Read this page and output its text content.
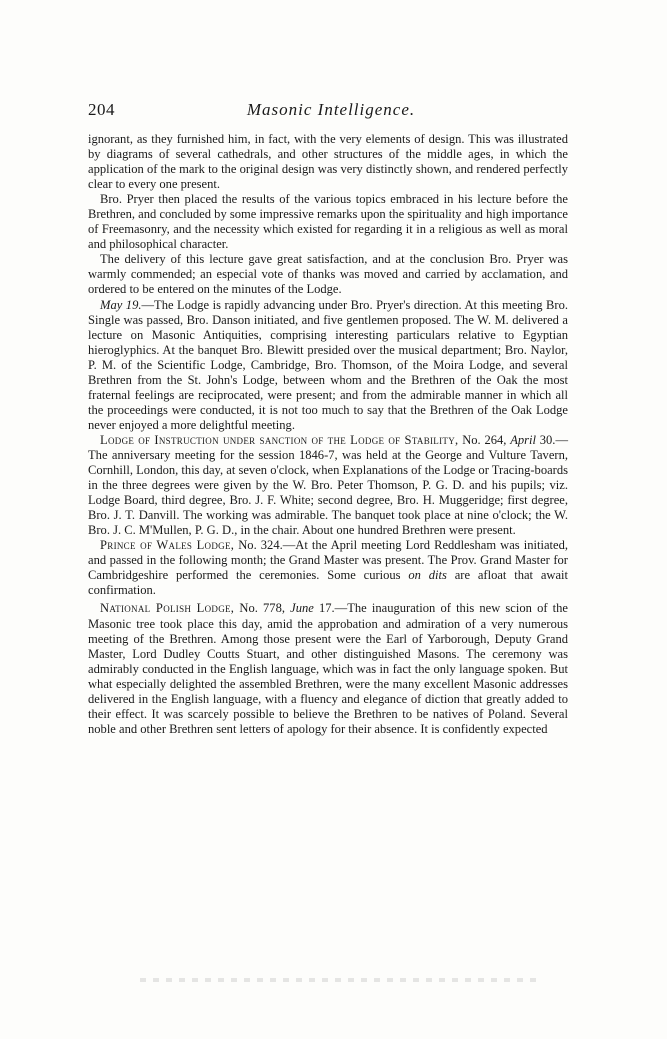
204	Masonic Intelligence.

ignorant, as they furnished him, in fact, with the very elements of design. This was illustrated by diagrams of several cathedrals, and other structures of the middle ages, in which the application of the mark to the original design was very distinctly shown, and rendered perfectly clear to every one present.

Bro. Pryer then placed the results of the various topics embraced in his lecture before the Brethren, and concluded by some impressive remarks upon the spirituality and high importance of Freemasonry, and the necessity which existed for regarding it in a religious as well as moral and philosophical character.

The delivery of this lecture gave great satisfaction, and at the conclusion Bro. Pryer was warmly commended; an especial vote of thanks was moved and carried by acclamation, and ordered to be entered on the minutes of the Lodge.

May 19.—The Lodge is rapidly advancing under Bro. Pryer's direction. At this meeting Bro. Single was passed, Bro. Danson initiated, and five gentlemen proposed. The W. M. delivered a lecture on Masonic Antiquities, comprising interesting particulars relative to Egyptian hieroglyphics. At the banquet Bro. Blewitt presided over the musical department; Bro. Naylor, P. M. of the Scientific Lodge, Cambridge, Bro. Thomson, of the Moira Lodge, and several Brethren from the St. John's Lodge, between whom and the Brethren of the Oak the most fraternal feelings are reciprocated, were present; and from the admirable manner in which all the proceedings were conducted, it is not too much to say that the Brethren of the Oak Lodge never enjoyed a more delightful meeting.

Lodge of Instruction under sanction of the Lodge of Stability, No. 264, April 30.—The anniversary meeting for the session 1846-7, was held at the George and Vulture Tavern, Cornhill, London, this day, at seven o'clock, when Explanations of the Lodge or Tracing-boards in the three degrees were given by the W. Bro. Peter Thomson, P. G. D. and his pupils; viz. Lodge Board, third degree, Bro. J. F. White; second degree, Bro. H. Muggeridge; first degree, Bro. J. T. Danvill. The working was admirable. The banquet took place at nine o'clock; the W. Bro. J. C. M'Mullen, P. G. D., in the chair. About one hundred Brethren were present.

Prince of Wales Lodge, No. 324.—At the April meeting Lord Reddlesham was initiated, and passed in the following month; the Grand Master was present. The Prov. Grand Master for Cambridgeshire performed the ceremonies. Some curious on dits are afloat that await confirmation.

National Polish Lodge, No. 778, June 17.—The inauguration of this new scion of the Masonic tree took place this day, amid the approbation and admiration of a very numerous meeting of the Brethren. Among those present were the Earl of Yarborough, Deputy Grand Master, Lord Dudley Coutts Stuart, and other distinguished Masons. The ceremony was admirably conducted in the English language, which was in fact the only language spoken. But what especially delighted the assembled Brethren, were the many excellent Masonic addresses delivered in the English language, with a fluency and elegance of diction that greatly added to their effect. It was scarcely possible to believe the Brethren to be natives of Poland. Several noble and other Brethren sent letters of apology for their absence. It is confidently expected
